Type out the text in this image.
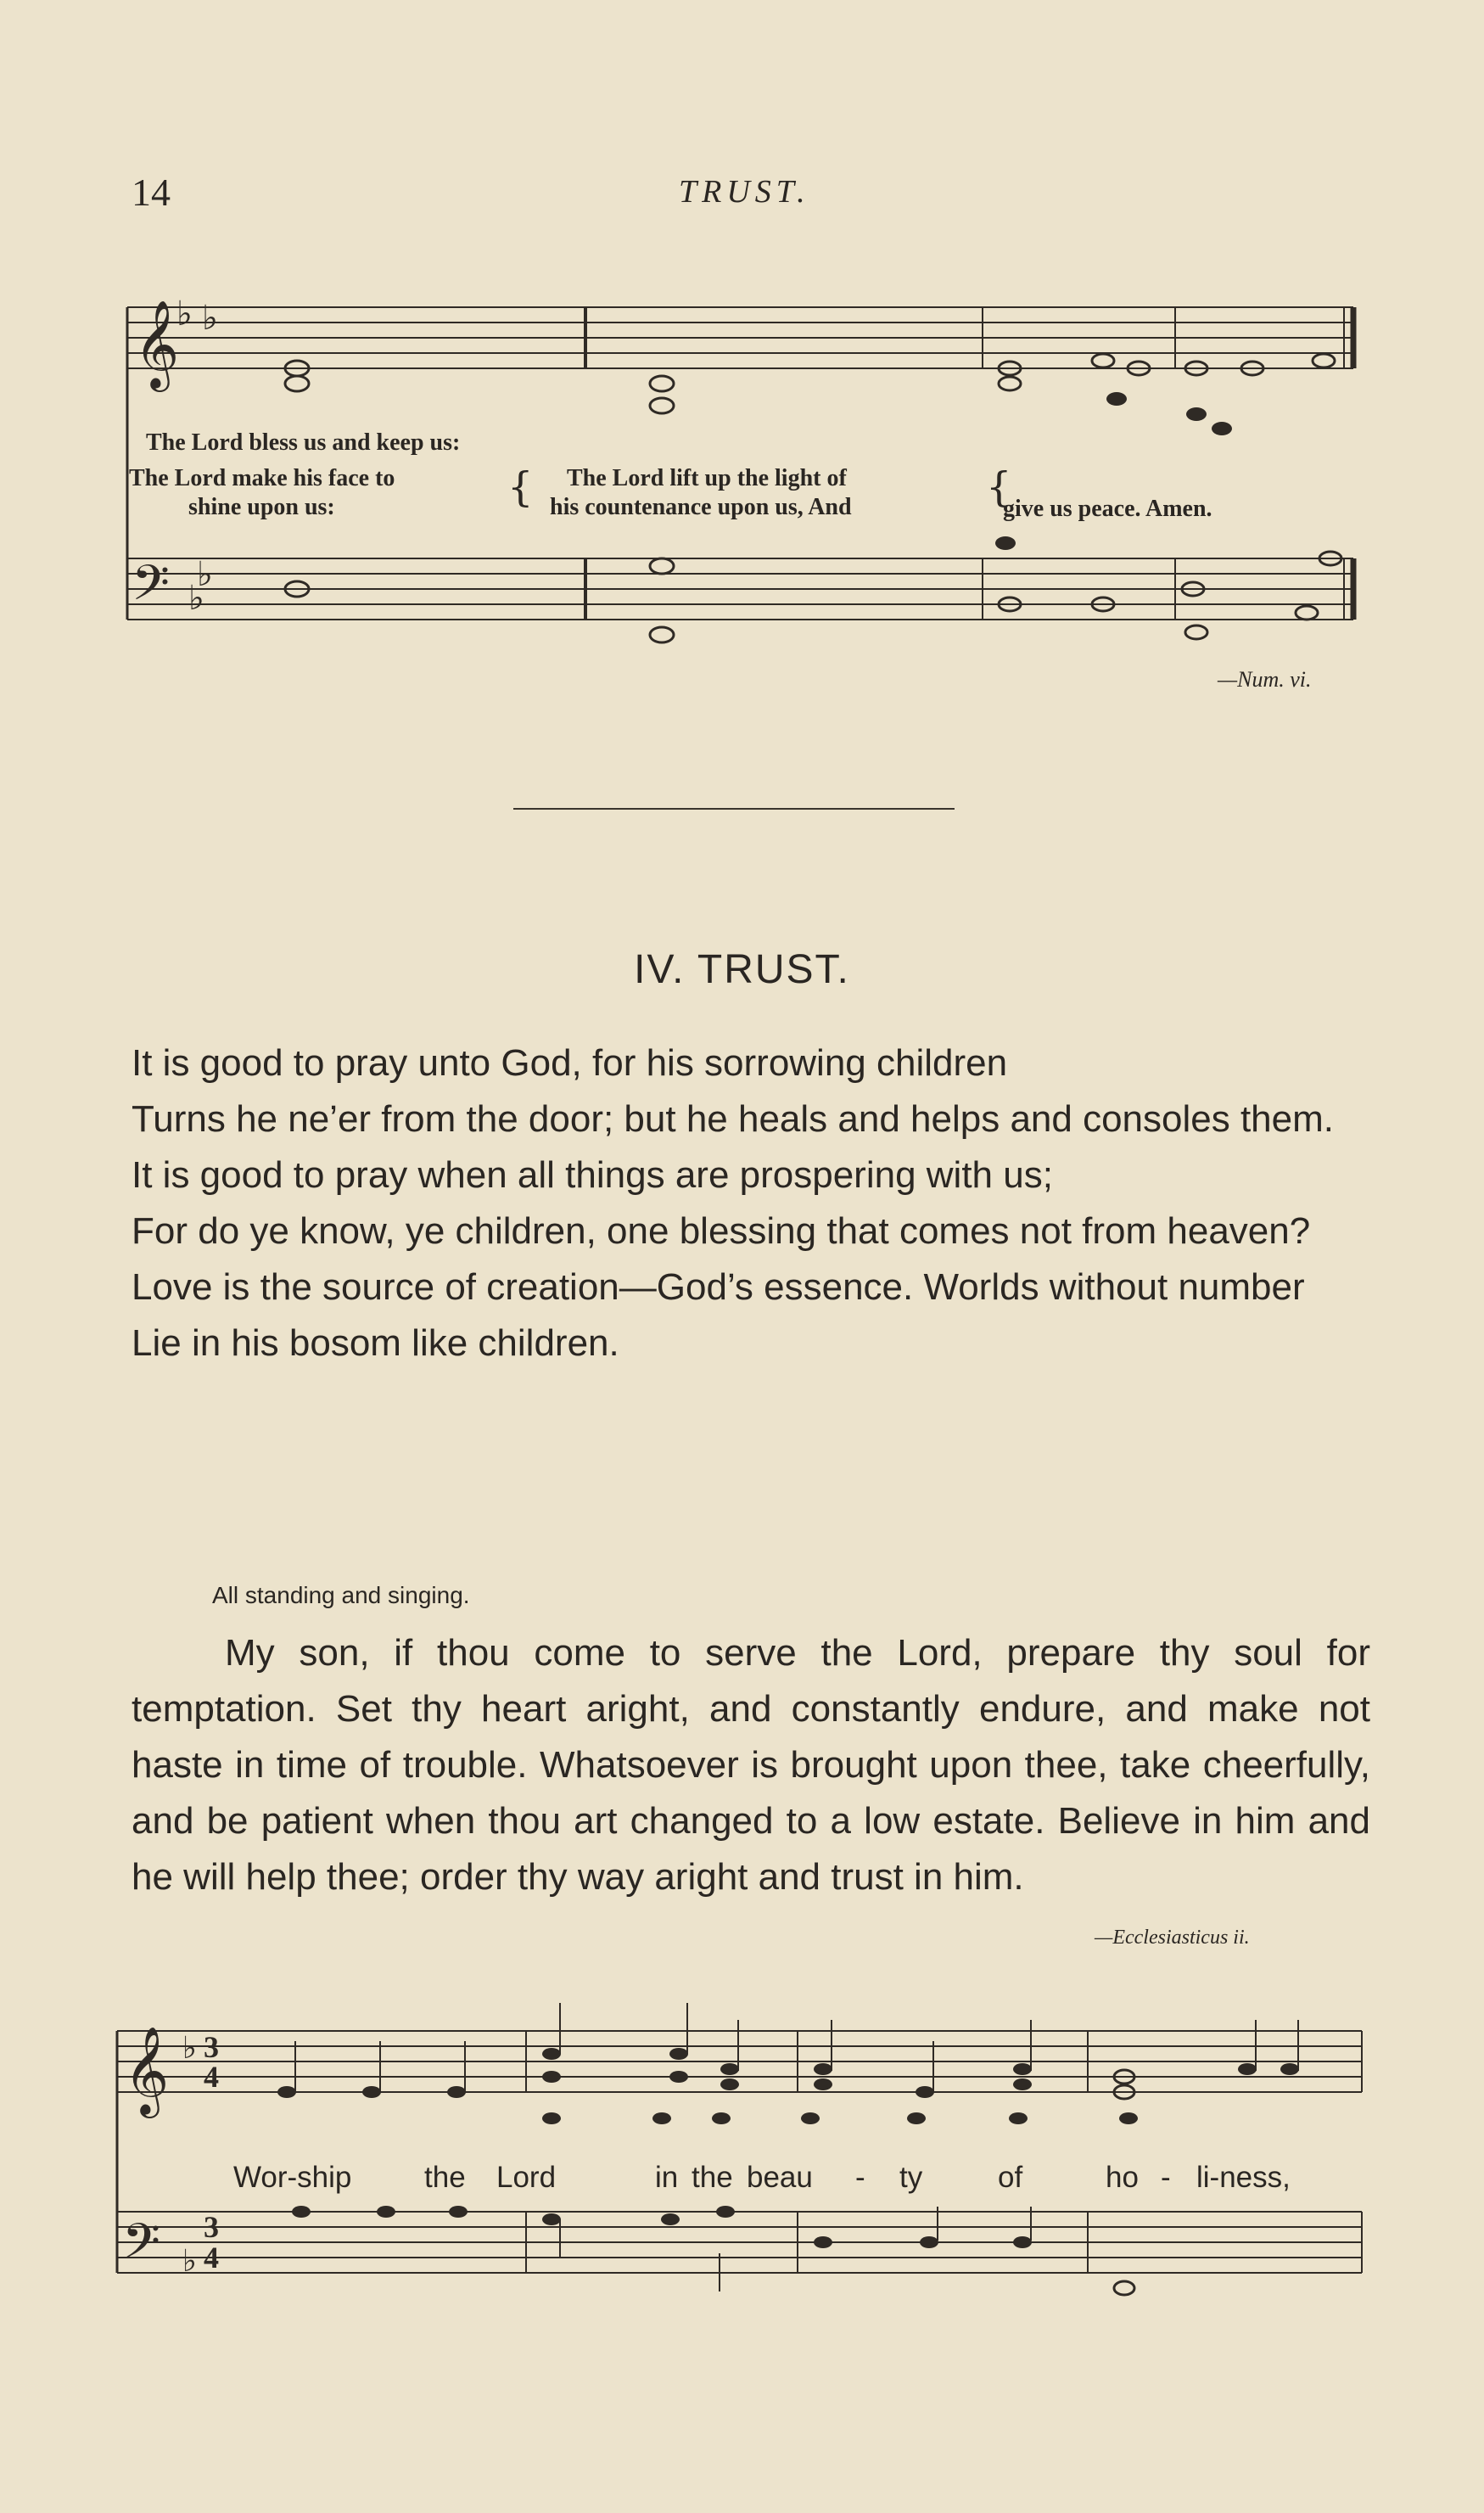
14	TRUST.
𝄞 ♭
♭
𝄢 ♭
♭
The Lord bless us and keep us:
The Lord make his face to
shine upon us:	{ The Lord lift up the light of
his countenance upon us, And	{
give us peace. Amen.
𝄞 ♭ 3
4
𝄢 ♭
3
4
Wor-ship the Lord	in the beau - ty	of	ho - li-ness,
—Num. vi.
IV. TRUST.

It is good to pray unto God, for his sorrowing children

Turns he ne’er from the door; but he heals and helps and consoles them.

It is good to pray when all things are prospering with us;

For do ye know, ye children, one blessing that comes not from heaven?

Love is the source of creation—God’s essence. Worlds without number

Lie in his bosom like children.

All standing and singing.
My son, if thou come to serve the Lord, prepare thy soul for temptation. Set thy heart aright, and constantly endure, and make not haste in time of trouble. Whatsoever is brought upon thee, take cheerfully, and be patient when thou art changed to a low estate. Believe in him and he will help thee; order thy way aright and trust in him.
—Ecclesiasticus ii.
